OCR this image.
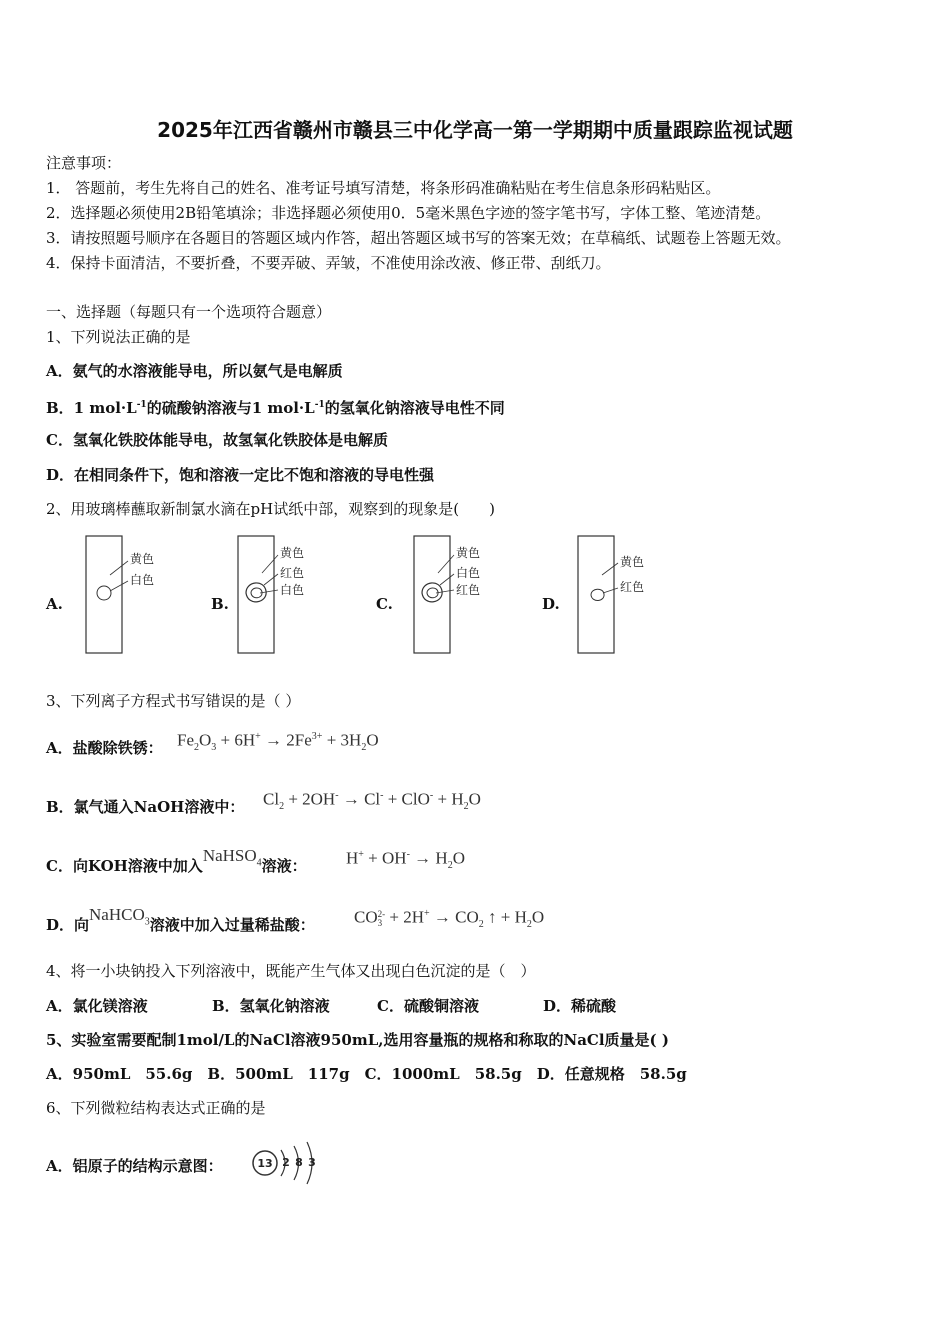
2025年江西省赣州市赣县三中化学高一第一学期期中质量跟踪监视试题
注意事项：
1． 答题前，考生先将自己的姓名、准考证号填写清楚，将条形码准确粘贴在考生信息条形码粘贴区。
2．选择题必须使用2B铅笔填涂；非选择题必须使用0．5毫米黑色字迹的签字笔书写，字体工整、笔迹清楚。
3．请按照题号顺序在各题目的答题区域内作答，超出答题区域书写的答案无效；在草稿纸、试题卷上答题无效。
4．保持卡面清洁，不要折叠，不要弄破、弄皱，不准使用涂改液、修正带、刮纸刀。
一、选择题（每题只有一个选项符合题意）
1、下列说法正确的是
A．氨气的水溶液能导电，所以氨气是电解质
B．1 $mol\cdot L^{-1}$的硫酸钠溶液与1 $mol\cdot L^{-1}$的氢氧化钠溶液导电性不同
C．氢氧化铁胶体能导电，故氢氧化铁胶体是电解质
D．在相同条件下，饱和溶液一定比不饱和溶液的导电性强
2、用玻璃棒蘸取新制氯水滴在pH试纸中部，观察到的现象是(　　)
A.
黄色
白色
B.
黄色
红色
白色
C.
黄色
白色
红色
D.
黄色
红色
3、下列离子方程式书写错误的是（ ）
A．盐酸除铁锈： $Fe_2O_3 + 6H^+ \to 2Fe^{3+} + 3H_2O$
B．氯气通入NaOH溶液中： $Cl_2 + 2OH^- \to Cl^- + ClO^- + H_2O$
C．向KOH溶液中加入NaHSO$_4$溶液： $H^+ + OH^- \to H_2O$
D．向NaHCO$_3$溶液中加入过量稀盐酸： CO 2-
$3 + 2H^+ \to CO_2$ ↑ + $H_2O$
4、将一小块钠投入下列溶液中，既能产生气体又出现白色沉淀的是（　）
A．氯化镁溶液	B．氢氧化钠溶液	C．硫酸铜溶液	D．稀硫酸
5、实验室需要配制1mol/L的NaCl溶液950mL,选用容量瓶的规格和称取的NaCl质量是( )
A．950mL　55.6g　B．500mL　117g　C．1000mL　58.5g　D．任意规格　58.5g
6、下列微粒结构表达式正确的是
A．铝原子的结构示意图：	13 2 8 3
